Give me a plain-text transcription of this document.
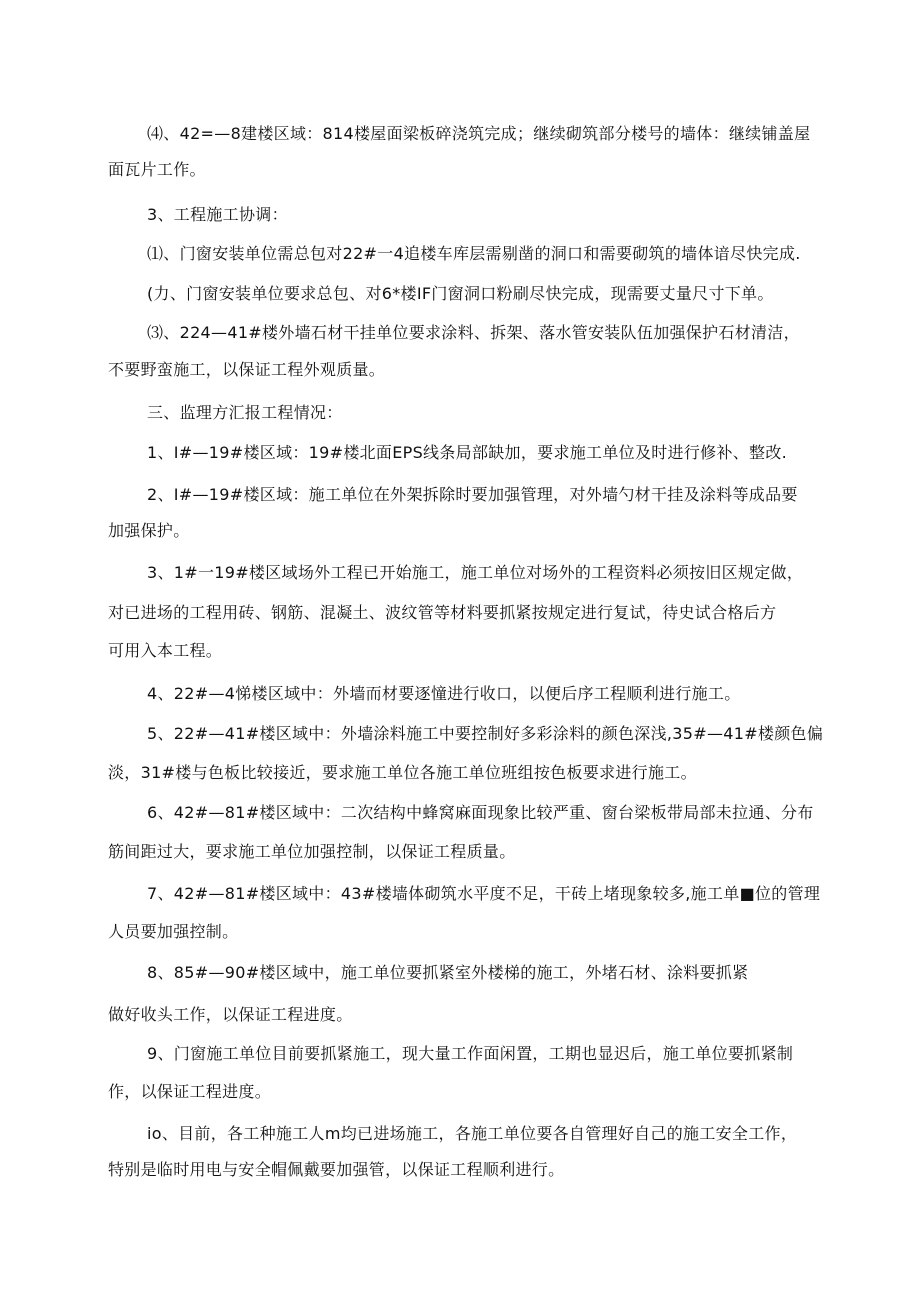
⑷、42=—8建楼区域：814楼屋面梁板碎浇筑完成；继续砌筑部分楼号的墙体：继续铺盖屋
面瓦片工作。
3、工程施工协调：
⑴、门窗安装单位需总包对22#一4追楼车库层需剔凿的洞口和需要砌筑的墙体谙尽快完成.
(力、门窗安装单位要求总包、对6*楼IF门窗洞口粉刷尽快完成，现需要丈量尺寸下单。
⑶、224—41#楼外墙石材干挂单位要求涂料、拆架、落水管安装队伍加强保护石材清洁，
不要野蛮施工，以保证工程外观质量。
三、监理方汇报工程情况：
1、I#—19#楼区域：19#楼北面EPS线条局部缺加，要求施工单位及时进行修补、整改.
2、I#—19#楼区域：施工单位在外架拆除时要加强管理，对外墙勺材干挂及涂料等成品要
加强保护。
3、1#一19#楼区域场外工程已开始施工，施工单位对场外的工程资料必须按旧区规定做，
对已进场的工程用砖、钢筋、混凝土、波纹管等材料要抓紧按规定进行复试，待史试合格后方
可用入本工程。
4、22#—4悌楼区域中：外墙而材要逐憧进行收口，以便后序工程顺利进行施工。
5、22#—41#楼区域中：外墙涂料施工中要控制好多彩涂料的颜色深浅,35#—41#楼颜色偏
淡，31#楼与色板比较接近，要求施工单位各施工单位班组按色板要求进行施工。
6、42#—81#楼区域中：二次结构中蜂窝麻面现象比较严重、窗台梁板带局部未拉通、分布
筋间距过大，要求施工单位加强控制，以保证工程质量。
7、42#—81#楼区域中：43#楼墙体砌筑水平度不足，干砖上堵现象较多,施工单■位的管理
人员要加强控制。
8、85#—90#楼区域中，施工单位要抓紧室外楼梯的施工，外堵石材、涂料要抓紧
做好收头工作，以保证工程进度。
9、门窗施工单位目前要抓紧施工，现大量工作面闲置，工期也显迟后，施工单位要抓紧制
作，以保证工程进度。
io、目前，各工种施工人m均已进场施工，各施工单位要各自管理好自己的施工安全工作，
特别是临时用电与安全帽佩戴要加强管，以保证工程顺利进行。
